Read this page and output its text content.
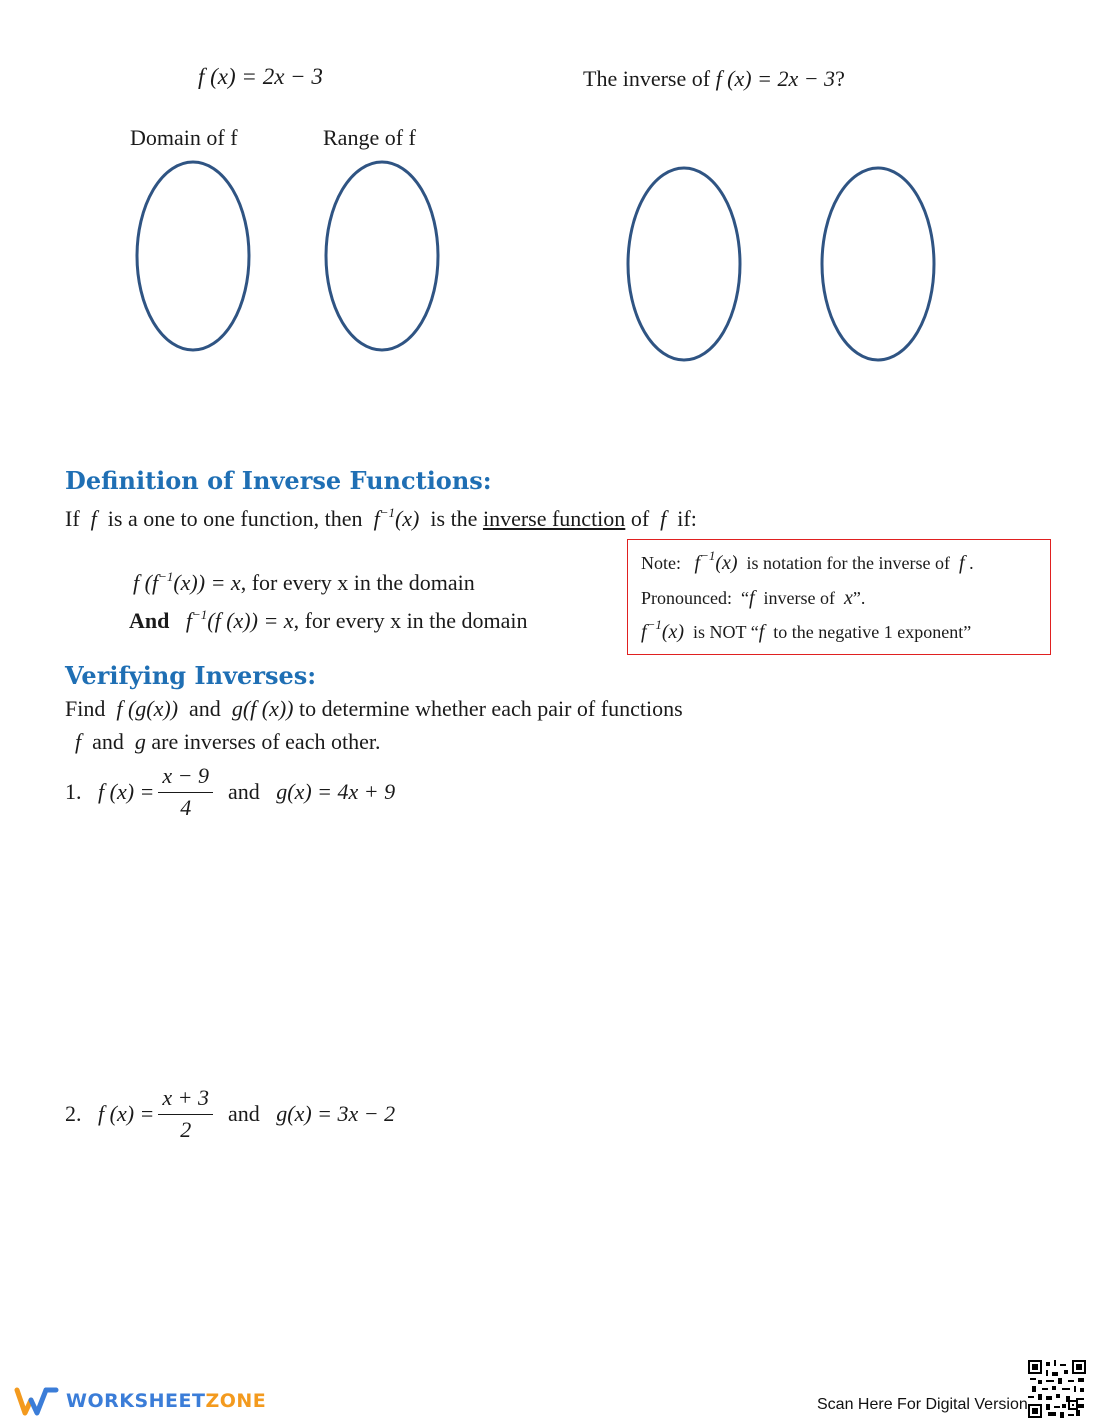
f (x) = 2x − 3	The inverse of f (x) = 2x − 3?
Domain of f	Range of f
Definition of Inverse Functions:
If f is a one to one function, then $f^{-1}(x)$ is the inverse function of f if:
f $(f^{-1}(x)) = x$, for every x in the domain
And $f^{-1}(f$ (x)) = x, for every x in the domain
Note: $f^{-1}(x)$ is notation for the inverse of f .
Pronounced: “f inverse of x”.
$f^{-1}(x)$ is NOT “f to the negative 1 exponent”
Verifying Inverses:
Find f (g(x)) and g(f (x)) to determine whether each pair of functions
f and g are inverses of each other.
1.
f $(x) = \frac{x - 9}{4}$
and
g(x) = 4x + 9
2.
f $(x) = \frac{x + 3}{2}$
and
g(x) = 3x − 2
WORKSHEETZONE	Scan Here For Digital Version
